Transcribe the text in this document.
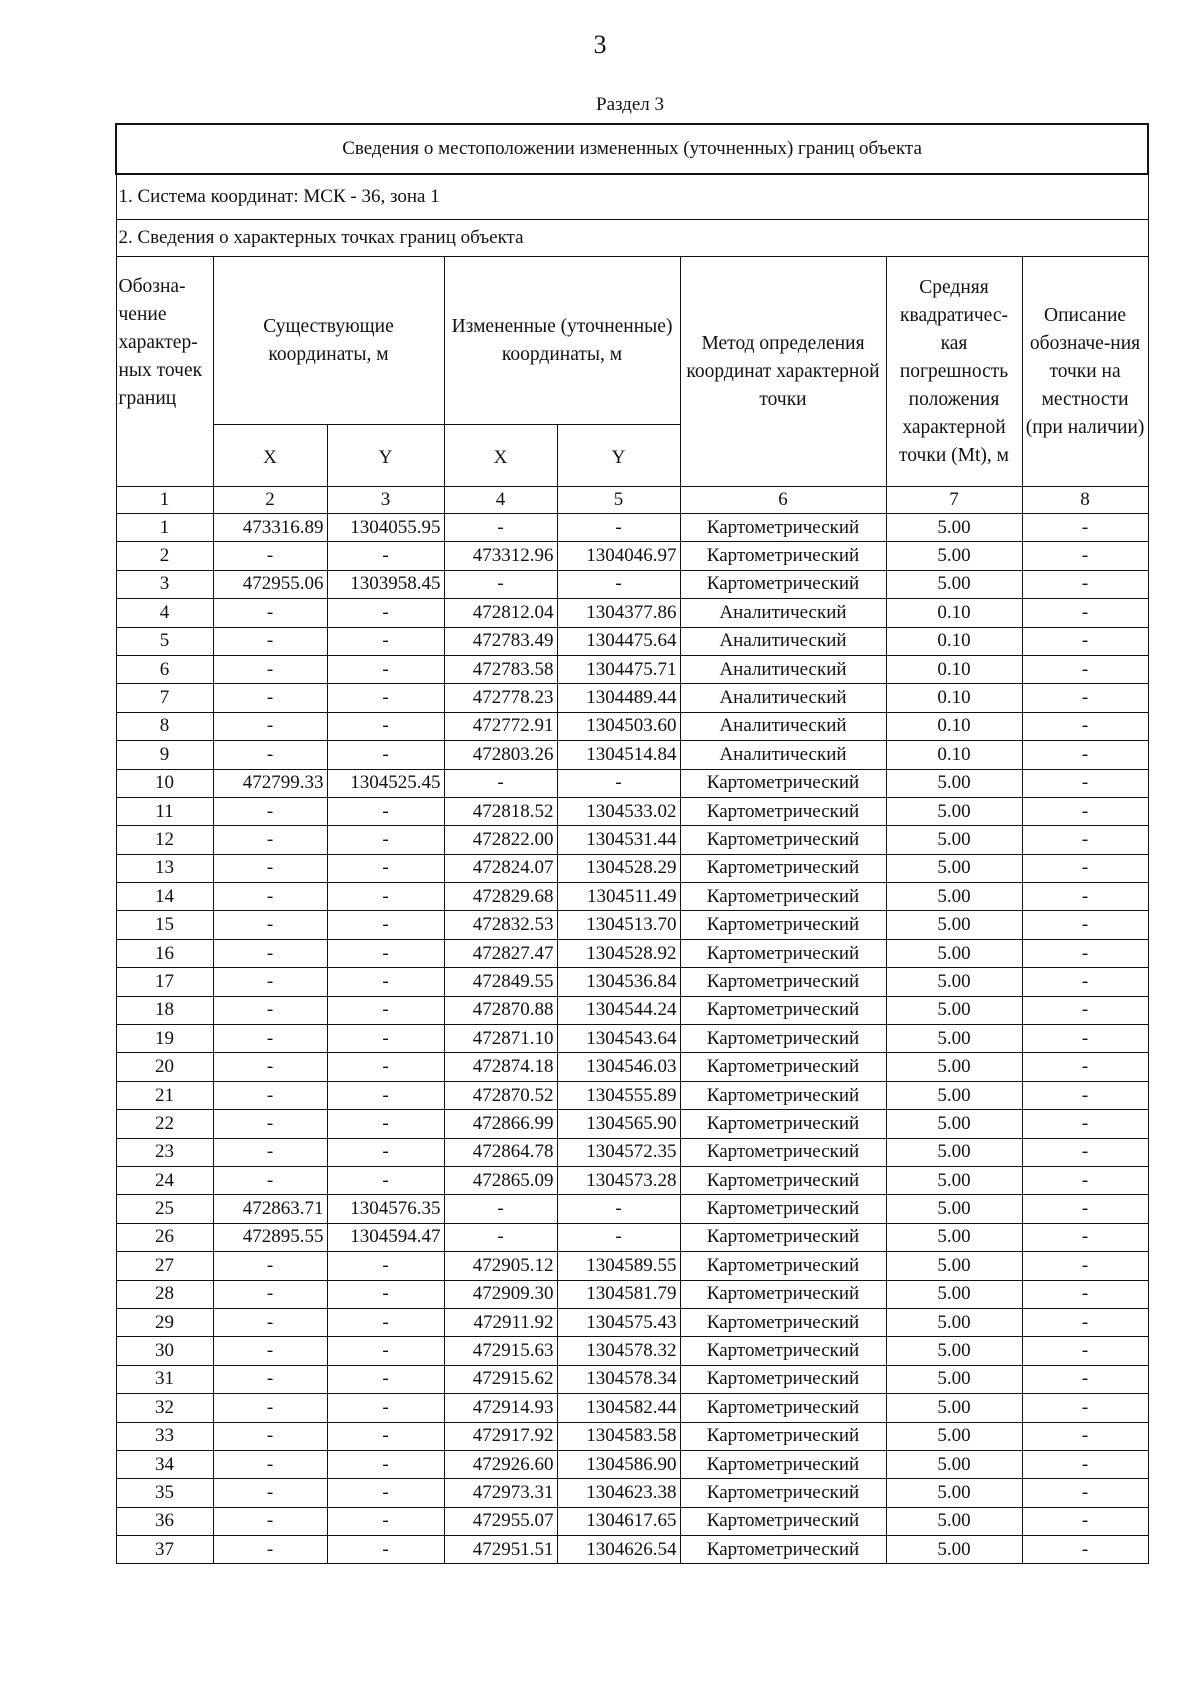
3
Раздел 3
Сведения о местоположении измененных (уточненных) границ объекта							
1. Система координат: МСК - 36, зона 1							
2. Сведения о характерных точках границ объекта							
Обозна-чение характер-ных точек границ	Существующие координаты, м		Измененные (уточненные) координаты, м		Метод определения координат характерной точки	Средняя квадратичес-кая погрешность положения характерной точки (Mt), м	Описание обозначе-ния точки на местности (при наличии)
	X	Y	X	Y			
1	2	3	4	5	6	7	8
1	473316.89	1304055.95	-	-	Картометрический	5.00	-
2	-	-	473312.96	1304046.97	Картометрический	5.00	-
3	472955.06	1303958.45	-	-	Картометрический	5.00	-
4	-	-	472812.04	1304377.86	Аналитический	0.10	-
5	-	-	472783.49	1304475.64	Аналитический	0.10	-
6	-	-	472783.58	1304475.71	Аналитический	0.10	-
7	-	-	472778.23	1304489.44	Аналитический	0.10	-
8	-	-	472772.91	1304503.60	Аналитический	0.10	-
9	-	-	472803.26	1304514.84	Аналитический	0.10	-
10	472799.33	1304525.45	-	-	Картометрический	5.00	-
11	-	-	472818.52	1304533.02	Картометрический	5.00	-
12	-	-	472822.00	1304531.44	Картометрический	5.00	-
13	-	-	472824.07	1304528.29	Картометрический	5.00	-
14	-	-	472829.68	1304511.49	Картометрический	5.00	-
15	-	-	472832.53	1304513.70	Картометрический	5.00	-
16	-	-	472827.47	1304528.92	Картометрический	5.00	-
17	-	-	472849.55	1304536.84	Картометрический	5.00	-
18	-	-	472870.88	1304544.24	Картометрический	5.00	-
19	-	-	472871.10	1304543.64	Картометрический	5.00	-
20	-	-	472874.18	1304546.03	Картометрический	5.00	-
21	-	-	472870.52	1304555.89	Картометрический	5.00	-
22	-	-	472866.99	1304565.90	Картометрический	5.00	-
23	-	-	472864.78	1304572.35	Картометрический	5.00	-
24	-	-	472865.09	1304573.28	Картометрический	5.00	-
25	472863.71	1304576.35	-	-	Картометрический	5.00	-
26	472895.55	1304594.47	-	-	Картометрический	5.00	-
27	-	-	472905.12	1304589.55	Картометрический	5.00	-
28	-	-	472909.30	1304581.79	Картометрический	5.00	-
29	-	-	472911.92	1304575.43	Картометрический	5.00	-
30	-	-	472915.63	1304578.32	Картометрический	5.00	-
31	-	-	472915.62	1304578.34	Картометрический	5.00	-
32	-	-	472914.93	1304582.44	Картометрический	5.00	-
33	-	-	472917.92	1304583.58	Картометрический	5.00	-
34	-	-	472926.60	1304586.90	Картометрический	5.00	-
35	-	-	472973.31	1304623.38	Картометрический	5.00	-
36	-	-	472955.07	1304617.65	Картометрический	5.00	-
37	-	-	472951.51	1304626.54	Картометрический	5.00	-
